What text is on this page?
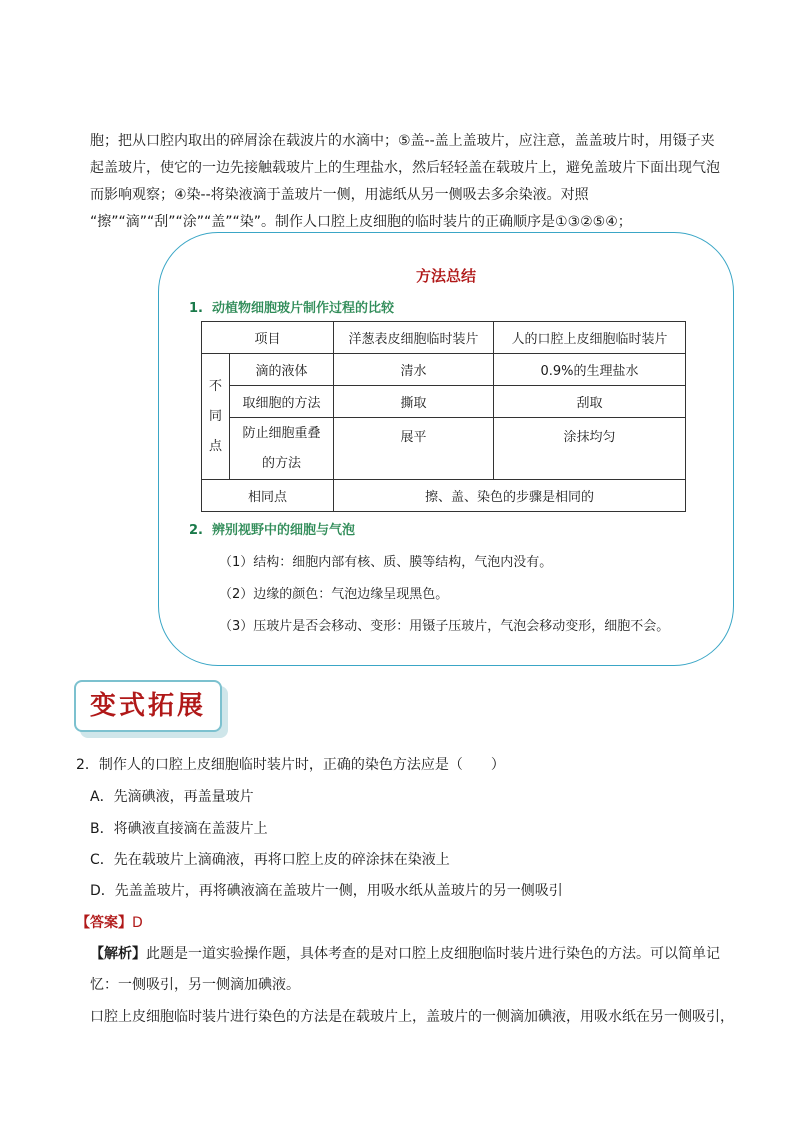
胞；把从口腔内取出的碎屑涂在载波片的水滴中；⑤盖--盖上盖玻片，应注意，盖盖玻片时，用镊子夹

起盖玻片，使它的一边先接触载玻片上的生理盐水，然后轻轻盖在载玻片上，避免盖玻片下面出现气泡

而影响观察；④染--将染液滴于盖玻片一侧，用滤纸从另一侧吸去多余染液。对照

“擦”“滴”“刮”“涂”“盖”“染”。制作人口腔上皮细胞的临时装片的正确顺序是①③②⑤④；

方法总结
1. 动植物细胞玻片制作过程的比较
项目		洋葱表皮细胞临时装片	人的口腔上皮细胞临时装片
不
同
点	滴的液体	清水	0.9%的生理盐水
	取细胞的方法	撕取	刮取
	防止细胞重叠
的方法	展平	涂抹均匀
相同点		擦、盖、染色的步骤是相同的	
2. 辨别视野中的细胞与气泡
（1）结构：细胞内部有核、质、膜等结构，气泡内没有。
（2）边缘的颜色：气泡边缘呈现黑色。
（3）压玻片是否会移动、变形：用镊子压玻片，气泡会移动变形，细胞不会。
变式拓展
2．制作人的口腔上皮细胞临时装片时，正确的染色方法应是（　　）
A．先滴碘液，再盖量玻片
B．将碘液直接滴在盖菠片上
C．先在载玻片上滴确液，再将口腔上皮的碎涂抹在染液上
D．先盖盖玻片，再将碘液滴在盖玻片一侧，用吸水纸从盖玻片的另一侧吸引
【答案】D
【解析】此题是一道实验操作题，具体考查的是对口腔上皮细胞临时装片进行染色的方法。可以简单记
忆：一侧吸引，另一侧滴加碘液。
口腔上皮细胞临时装片进行染色的方法是在载玻片上，盖玻片的一侧滴加碘液，用吸水纸在另一侧吸引，
